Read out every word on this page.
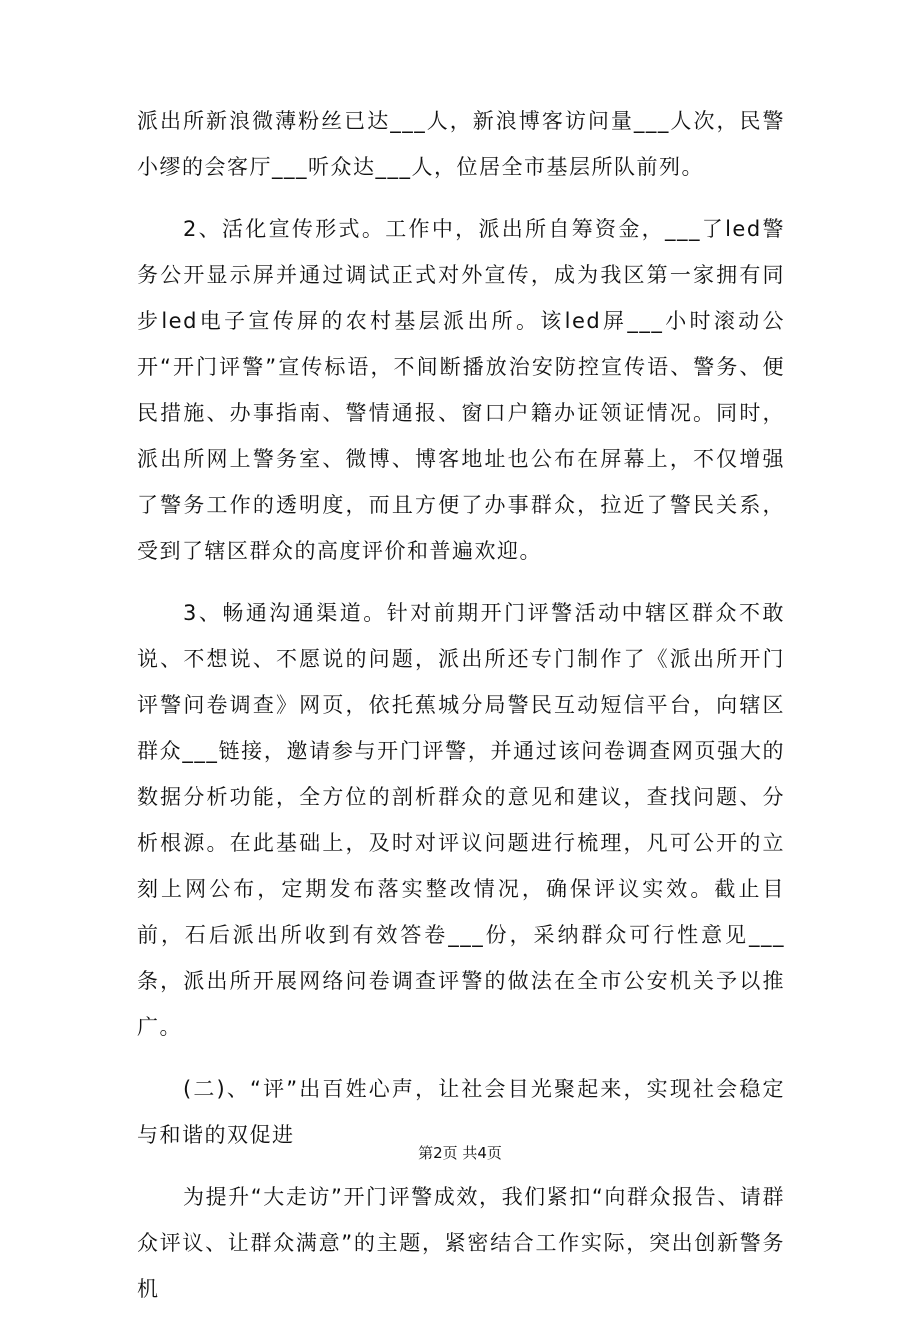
派出所新浪微薄粉丝已达___人，新浪博客访问量___人次，民警小缪的会客厅___听众达___人，位居全市基层所队前列。

2、活化宣传形式。工作中，派出所自筹资金，___了led警务公开显示屏并通过调试正式对外宣传，成为我区第一家拥有同步led电子宣传屏的农村基层派出所。该led屏___小时滚动公开“开门评警”宣传标语，不间断播放治安防控宣传语、警务、便民措施、办事指南、警情通报、窗口户籍办证领证情况。同时，派出所网上警务室、微博、博客地址也公布在屏幕上，不仅增强了警务工作的透明度，而且方便了办事群众，拉近了警民关系，受到了辖区群众的高度评价和普遍欢迎。

3、畅通沟通渠道。针对前期开门评警活动中辖区群众不敢说、不想说、不愿说的问题，派出所还专门制作了《派出所开门评警问卷调查》网页，依托蕉城分局警民互动短信平台，向辖区群众___链接，邀请参与开门评警，并通过该问卷调查网页强大的数据分析功能，全方位的剖析群众的意见和建议，查找问题、分析根源。在此基础上，及时对评议问题进行梳理，凡可公开的立刻上网公布，定期发布落实整改情况，确保评议实效。截止目前，石后派出所收到有效答卷___份，采纳群众可行性意见___条，派出所开展网络问卷调查评警的做法在全市公安机关予以推广。

(二)、“评”出百姓心声，让社会目光聚起来，实现社会稳定与和谐的双促进

为提升“大走访”开门评警成效，我们紧扣“向群众报告、请群众评议、让群众满意”的主题，紧密结合工作实际，突出创新警务机

第2页 共4页
